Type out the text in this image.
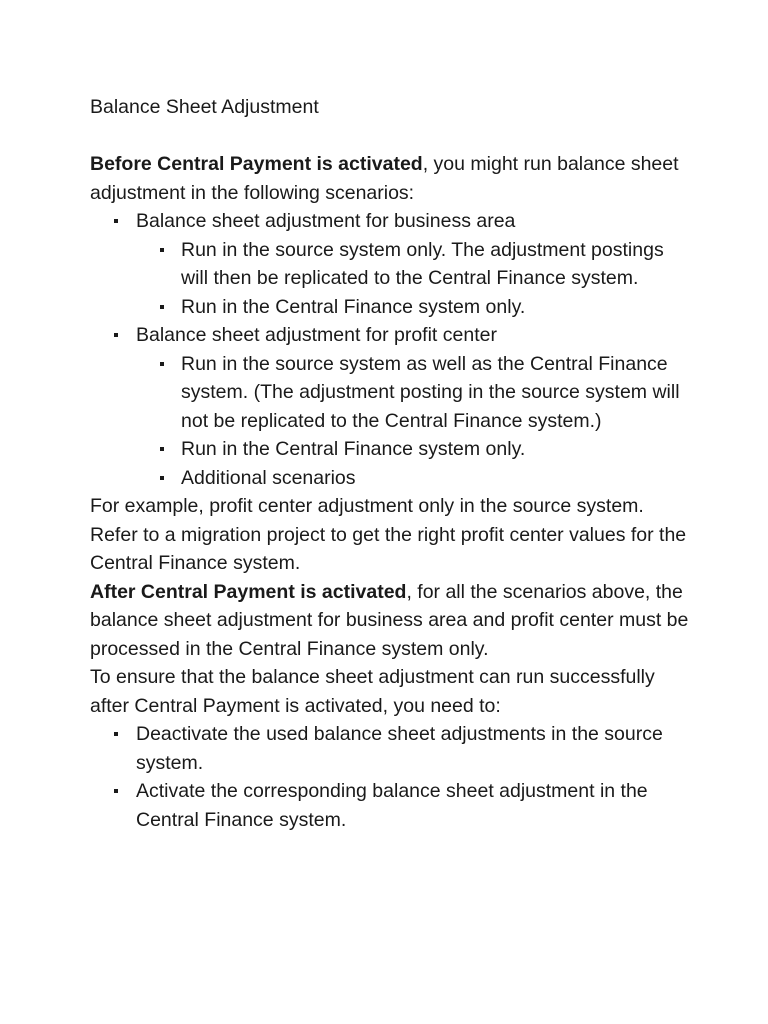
Balance Sheet Adjustment

Before Central Payment is activated, you might run balance sheet adjustment in the following scenarios:

Balance sheet adjustment for business area
Run in the source system only. The adjustment postings will then be replicated to the Central Finance system.
Run in the Central Finance system only.
Balance sheet adjustment for profit center
Run in the source system as well as the Central Finance system. (The adjustment posting in the source system will not be replicated to the Central Finance system.)
Run in the Central Finance system only.
Additional scenarios

For example, profit center adjustment only in the source system. Refer to a migration project to get the right profit center values for the Central Finance system.

After Central Payment is activated, for all the scenarios above, the balance sheet adjustment for business area and profit center must be processed in the Central Finance system only.

To ensure that the balance sheet adjustment can run successfully after Central Payment is activated, you need to:

Deactivate the used balance sheet adjustments in the source system.
Activate the corresponding balance sheet adjustment in the Central Finance system.
